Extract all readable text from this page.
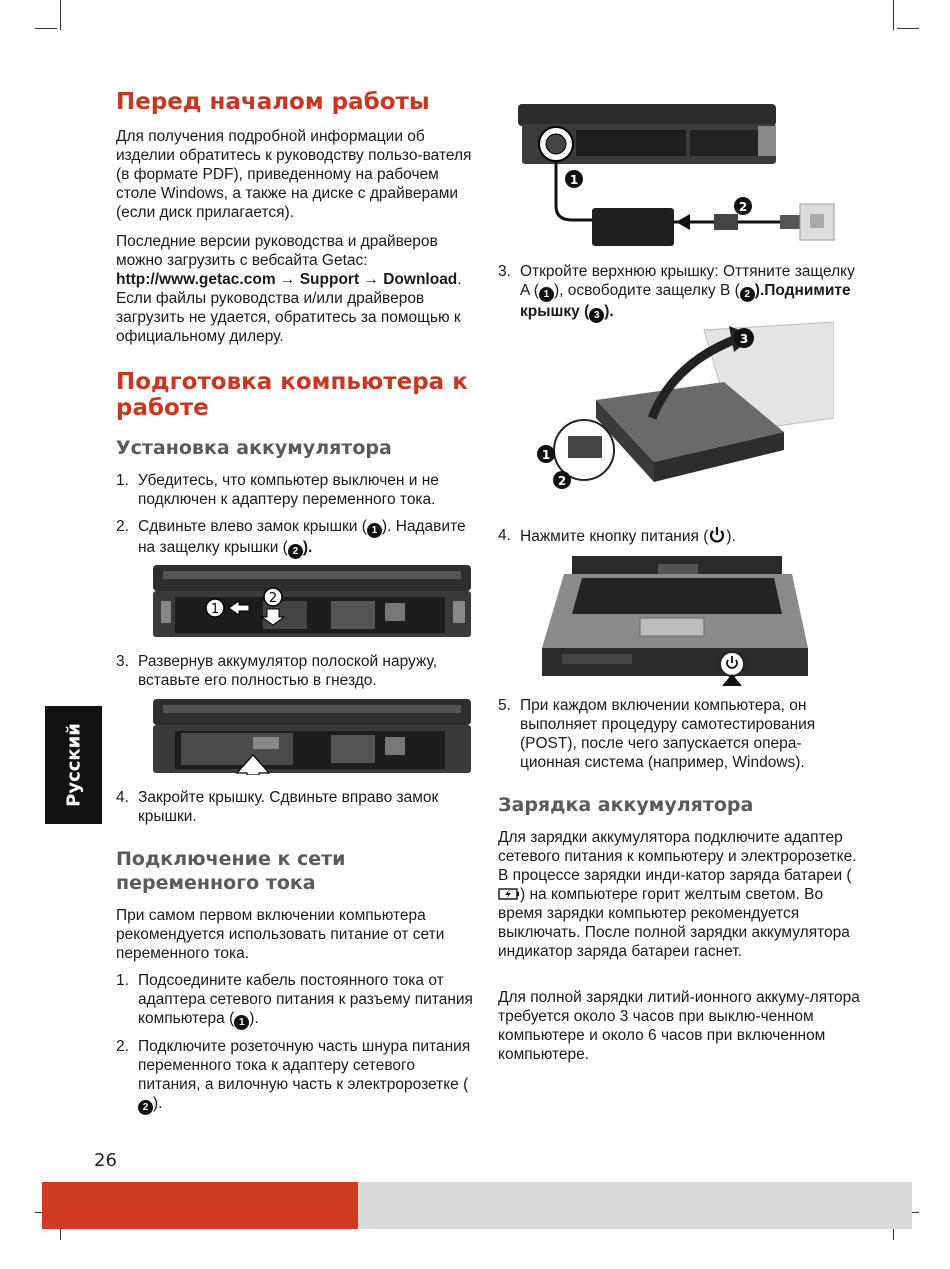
Перед началом работы

Для получения подробной информации об изделии обратитесь к руководству пользо-вателя (в формате PDF), приведенному на рабочем столе Windows, а также на диске с драйверами (если диск прилагается).

Последние версии руководства и драйверов можно загрузить с вебсайта Getac: http://www.getac.com → Support → Download. Если файлы руководства и/или драйверов загрузить не удается, обратитесь за помощью к официальному дилеру.

Подготовка компьютера к работе
Установка аккумулятора
1. Убедитесь, что компьютер выключен и не подключен к адаптеру переменного тока.
2. Сдвиньте влево замок крышки ( 1 ). Надавите на защелку крышки ( 2 ).
1
2
3. Развернув аккумулятор полоской наружу, вставьте его полностью в гнездо.
4. Закройте крышку. Сдвиньте вправо замок крышки.
Подключение к сети переменного тока

При самом первом включении компьютера рекомендуется использовать питание от сети переменного тока.

1. Подсоедините кабель постоянного тока от адаптера сетевого питания к разъему питания компьютера ( 1 ).
2. Подключите розеточную часть шнура питания переменного тока к адаптеру сетевого питания, а вилочную часть к электророзетке (2 ).
1
2
3. Откройте верхнюю крышку: Оттяните защелку A ( 1 ), освободите защелку B ( 2 ).Поднимите крышку ( 3 ).
3
1
2
4. Нажмите кнопку питания ( ).
5. При каждом включении компьютера, он выполняет процедуру самотестирования (POST), после чего запускается опера-ционная система (например, Windows).
Зарядка аккумулятора

Для зарядки аккумулятора подключите адаптер сетевого питания к компьютеру и электророзетке. В процессе зарядки инди-катор заряда батареи () на компьютере горит желтым светом. Во время зарядки компьютер рекомендуется выключать. После полной зарядки аккумулятора индикатор заряда батареи гаснет.

Для полной зарядки литий-ионного аккуму-лятора требуется около 3 часов при выклю-ченном компьютере и около 6 часов при включенном компьютере.

Русский
26
